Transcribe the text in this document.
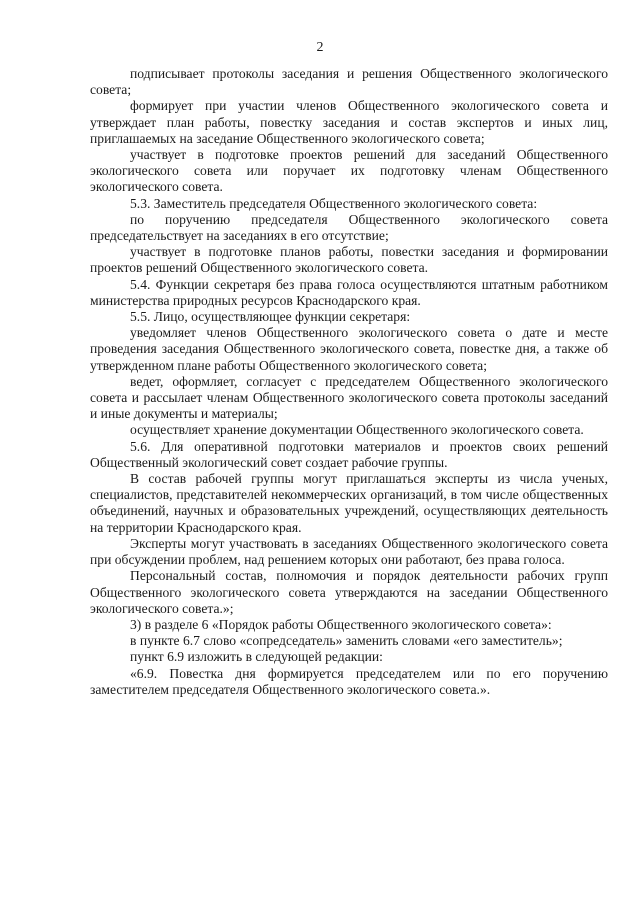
2

подписывает протоколы заседания и решения Общественного экологического совета;

формирует при участии членов Общественного экологического совета и утверждает план работы, повестку заседания и состав экспертов и иных лиц, приглашаемых на заседание Общественного экологического совета;

участвует в подготовке проектов решений для заседаний Общественного экологического совета или поручает их подготовку членам Общественного экологического совета.

5.3. Заместитель председателя Общественного экологического совета:

по поручению председателя Общественного экологического совета председательствует на заседаниях в его отсутствие;

участвует в подготовке планов работы, повестки заседания и формировании проектов решений Общественного экологического совета.

5.4. Функции секретаря без права голоса осуществляются штатным работником министерства природных ресурсов Краснодарского края.

5.5. Лицо, осуществляющее функции секретаря:

уведомляет членов Общественного экологического совета о дате и месте проведения заседания Общественного экологического совета, повестке дня, а также об утвержденном плане работы Общественного экологического совета;

ведет, оформляет, согласует с председателем Общественного экологического совета и рассылает членам Общественного экологического совета протоколы заседаний и иные документы и материалы;

осуществляет хранение документации Общественного экологического совета.

5.6. Для оперативной подготовки материалов и проектов своих решений Общественный экологический совет создает рабочие группы.

В состав рабочей группы могут приглашаться эксперты из числа ученых, специалистов, представителей некоммерческих организаций, в том числе общественных объединений, научных и образовательных учреждений, осуществляющих деятельность на территории Краснодарского края.

Эксперты могут участвовать в заседаниях Общественного экологического совета при обсуждении проблем, над решением которых они работают, без права голоса.

Персональный состав, полномочия и порядок деятельности рабочих групп Общественного экологического совета утверждаются на заседании Общественного экологического совета.»;

3) в разделе 6 «Порядок работы Общественного экологического совета»:

в пункте 6.7 слово «сопредседатель» заменить словами «его заместитель»;

пункт 6.9 изложить в следующей редакции:

«6.9. Повестка дня формируется председателем или по его поручению заместителем председателя Общественного экологического совета.».
